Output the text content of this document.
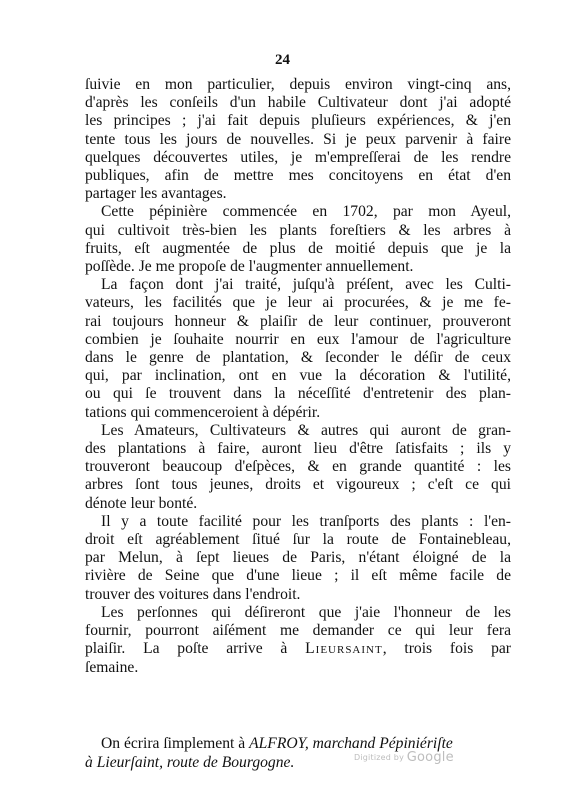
24
ſuivie en mon particulier, depuis environ vingt-cinq ans,
d'après les conſeils d'un habile Cultivateur dont j'ai adopté
les principes ; j'ai fait depuis pluſieurs expériences, & j'en
tente tous les jours de nouvelles. Si je peux parvenir à faire
quelques découvertes utiles, je m'empreſſerai de les rendre
publiques, afin de mettre mes concitoyens en état d'en
partager les avantages.
Cette pépinière commencée en 1702, par mon Ayeul,
qui cultivoit très-bien les plants foreſtiers & les arbres à
fruits, eſt augmentée de plus de moitié depuis que je la
poſſède. Je me propoſe de l'augmenter annuellement.
La façon dont j'ai traité, juſqu'à préſent, avec les Culti-
vateurs, les facilités que je leur ai procurées, & je me fe-
rai toujours honneur & plaiſir de leur continuer, prouveront
combien je ſouhaite nourrir en eux l'amour de l'agriculture
dans le genre de plantation, & ſeconder le déſir de ceux
qui, par inclination, ont en vue la décoration & l'utilité,
ou qui ſe trouvent dans la néceſſité d'entretenir des plan-
tations qui commenceroient à dépérir.
Les Amateurs, Cultivateurs & autres qui auront de gran-
des plantations à faire, auront lieu d'être ſatisfaits ; ils y
trouveront beaucoup d'eſpèces, & en grande quantité : les
arbres ſont tous jeunes, droits et vigoureux ; c'eſt ce qui
dénote leur bonté.
Il y a toute facilité pour les tranſports des plants : l'en-
droit eſt agréablement ſitué ſur la route de Fontainebleau,
par Melun, à ſept lieues de Paris, n'étant éloigné de la
rivière de Seine que d'une lieue ; il eſt même facile de
trouver des voitures dans l'endroit.
Les perſonnes qui déſireront que j'aie l'honneur de les
fournir, pourront aiſément me demander ce qui leur fera
plaiſir. La poſte arrive à Lieursaint, trois fois par
ſemaine.
On écrira ſimplement à ALFROY, marchand Pépiniériſte
à Lieurſaint, route de Bourgogne.	Digitized by Google
